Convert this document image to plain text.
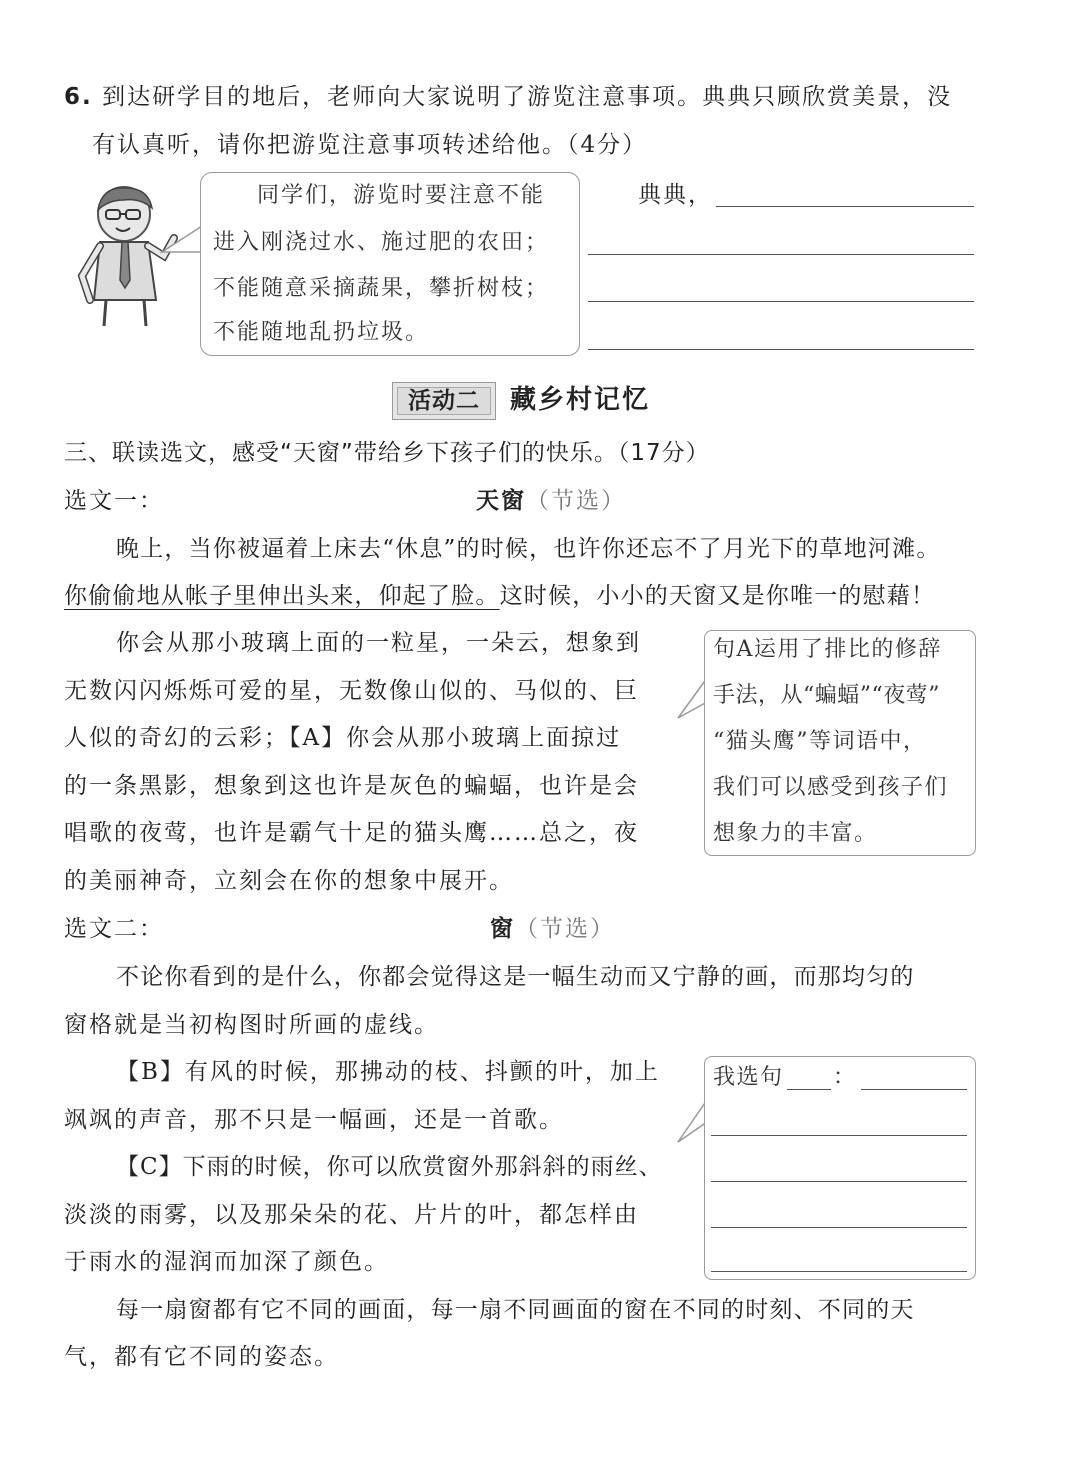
6. 到达研学目的地后，老师向大家说明了游览注意事项。典典只顾欣赏美景，没
有认真听，请你把游览注意事项转述给他。（4分）
同学们，游览时要注意不能
进入刚浇过水、施过肥的农田；
不能随意采摘蔬果，攀折树枝；
不能随地乱扔垃圾。
典典，
活动二	藏乡村记忆
三、联读选文，感受“天窗”带给乡下孩子们的快乐。（17分）
选文一：	天窗（节选）
晚上，当你被逼着上床去“休息”的时候，也许你还忘不了月光下的草地河滩。
你偷偷地从帐子里伸出头来，仰起了脸。这时候，小小的天窗又是你唯一的慰藉！
你会从那小玻璃上面的一粒星，一朵云，想象到
无数闪闪烁烁可爱的星，无数像山似的、马似的、巨
人似的奇幻的云彩；【A】你会从那小玻璃上面掠过
的一条黑影，想象到这也许是灰色的蝙蝠，也许是会
唱歌的夜莺，也许是霸气十足的猫头鹰……总之，夜
的美丽神奇，立刻会在你的想象中展开。
句A运用了排比的修辞
手法，从“蝙蝠”“夜莺”
“猫头鹰”等词语中，
我们可以感受到孩子们
想象力的丰富。
选文二：	窗（节选）
不论你看到的是什么，你都会觉得这是一幅生动而又宁静的画，而那均匀的
窗格就是当初构图时所画的虚线。
【B】有风的时候，那拂动的枝、抖颤的叶，加上
飒飒的声音，那不只是一幅画，还是一首歌。
【C】下雨的时候，你可以欣赏窗外那斜斜的雨丝、
淡淡的雨雾，以及那朵朵的花、片片的叶，都怎样由
于雨水的湿润而加深了颜色。
每一扇窗都有它不同的画面，每一扇不同画面的窗在不同的时刻、不同的天
气，都有它不同的姿态。
我选句 ：
